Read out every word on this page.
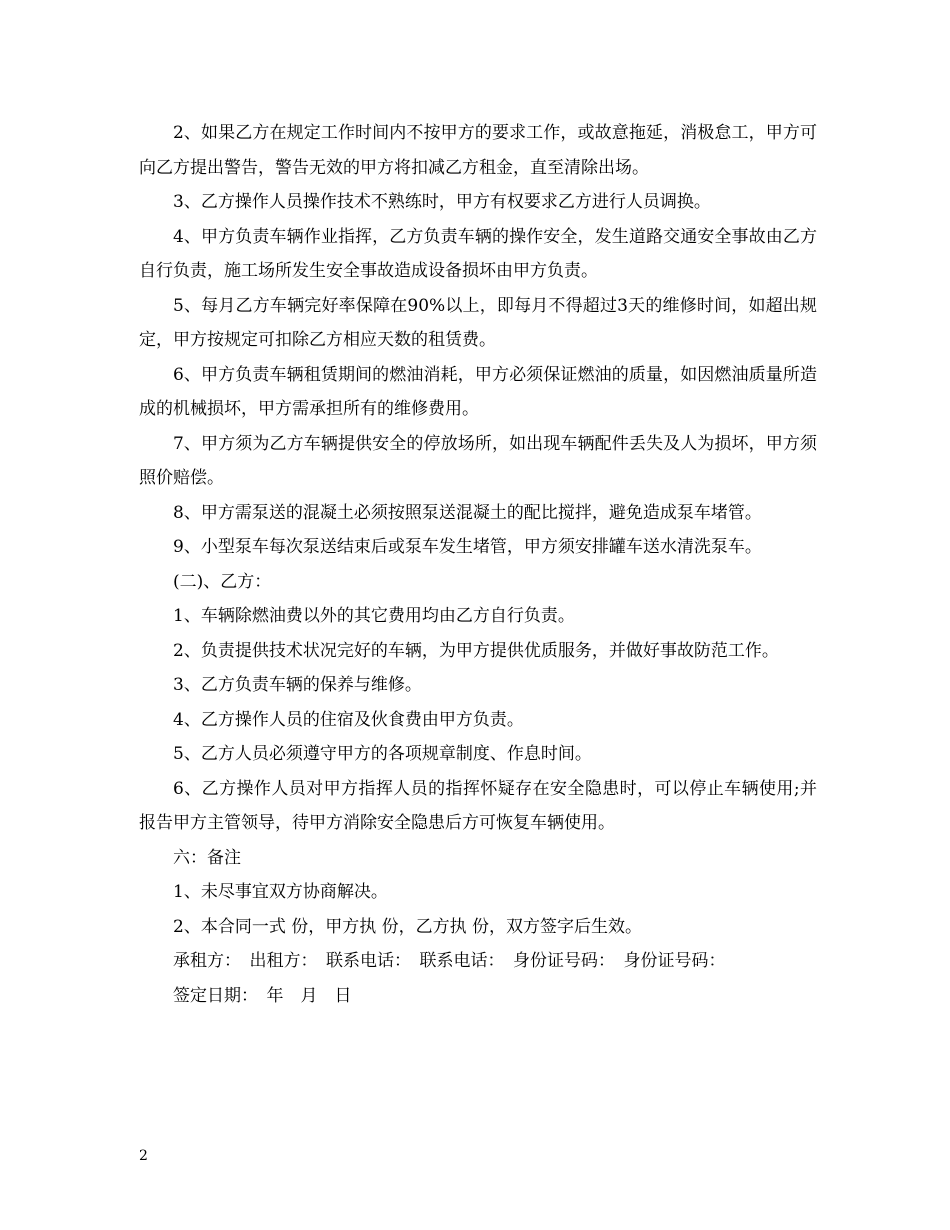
2、如果乙方在规定工作时间内不按甲方的要求工作，或故意拖延，消极怠工，甲方可向乙方提出警告，警告无效的甲方将扣减乙方租金，直至清除出场。

3、乙方操作人员操作技术不熟练时，甲方有权要求乙方进行人员调换。

4、甲方负责车辆作业指挥，乙方负责车辆的操作安全，发生道路交通安全事故由乙方自行负责，施工场所发生安全事故造成设备损坏由甲方负责。

5、每月乙方车辆完好率保障在90%以上，即每月不得超过3天的维修时间，如超出规定，甲方按规定可扣除乙方相应天数的租赁费。

6、甲方负责车辆租赁期间的燃油消耗，甲方必须保证燃油的质量，如因燃油质量所造成的机械损坏，甲方需承担所有的维修费用。

7、甲方须为乙方车辆提供安全的停放场所，如出现车辆配件丢失及人为损坏，甲方须照价赔偿。

8、甲方需泵送的混凝土必须按照泵送混凝土的配比搅拌，避免造成泵车堵管。

9、小型泵车每次泵送结束后或泵车发生堵管，甲方须安排罐车送水清洗泵车。

(二)、乙方：

1、车辆除燃油费以外的其它费用均由乙方自行负责。

2、负责提供技术状况完好的车辆，为甲方提供优质服务，并做好事故防范工作。

3、乙方负责车辆的保养与维修。

4、乙方操作人员的住宿及伙食费由甲方负责。

5、乙方人员必须遵守甲方的各项规章制度、作息时间。

6、乙方操作人员对甲方指挥人员的指挥怀疑存在安全隐患时，可以停止车辆使用;并报告甲方主管领导，待甲方消除安全隐患后方可恢复车辆使用。

六：备注

1、未尽事宜双方协商解决。

2、本合同一式 份，甲方执 份，乙方执 份，双方签字后生效。

承租方：　出租方：　联系电话：　联系电话：　身份证号码：　身份证号码：

签定日期：　年　月　日

2
